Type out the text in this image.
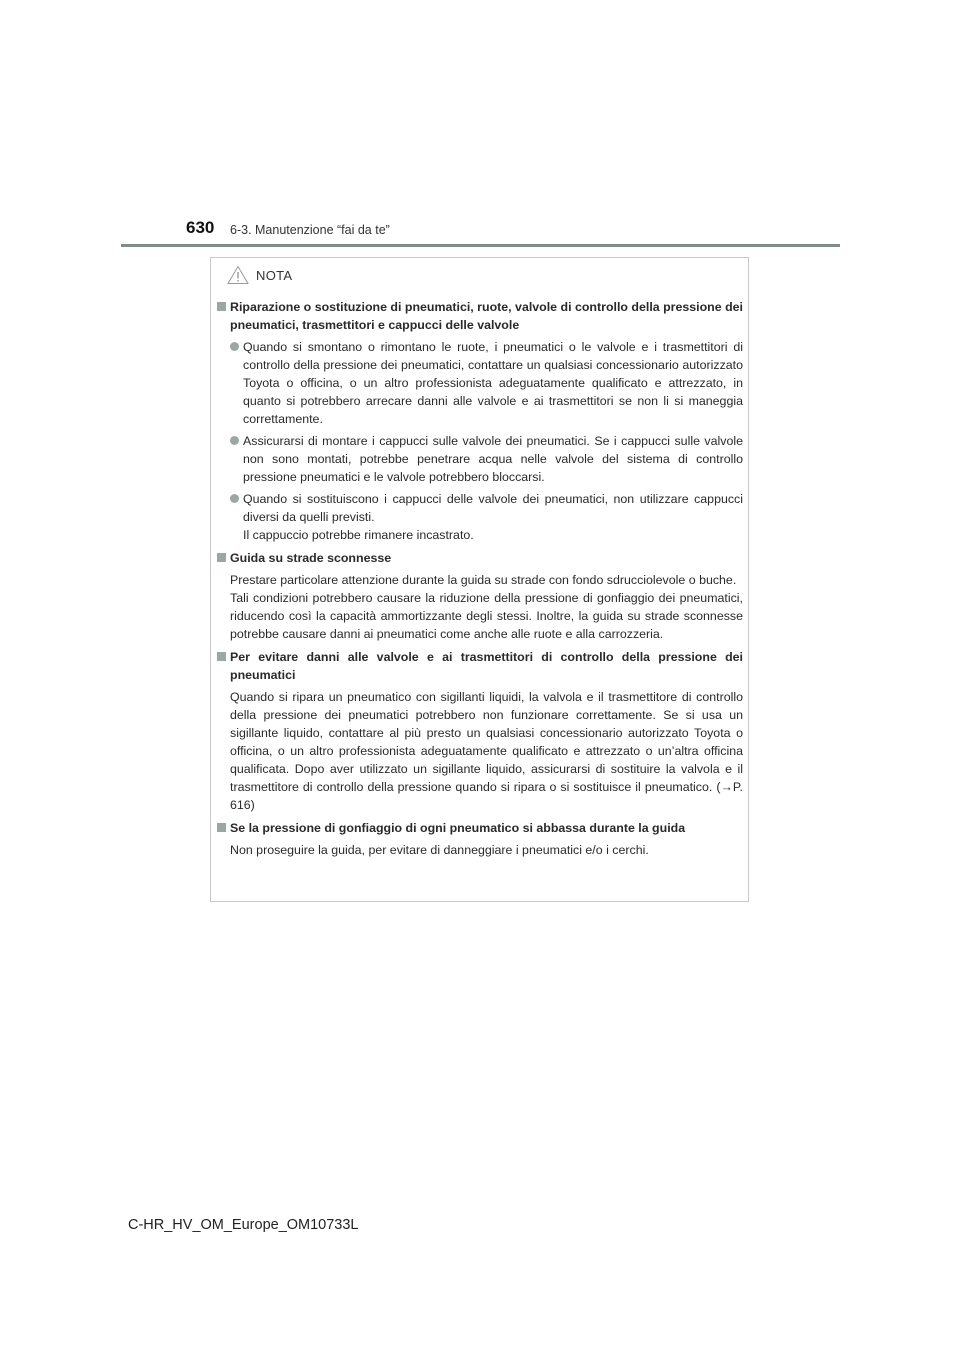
630 6-3. Manutenzione “fai da te”
NOTA
Riparazione o sostituzione di pneumatici, ruote, valvole di controllo della pressione dei pneumatici, trasmettitori e cappucci delle valvole
Quando si smontano o rimontano le ruote, i pneumatici o le valvole e i trasmettitori di controllo della pressione dei pneumatici, contattare un qualsiasi concessionario autorizzato Toyota o officina, o un altro professionista adeguatamente qualificato e attrezzato, in quanto si potrebbero arrecare danni alle valvole e ai trasmettitori se non li si maneggia correttamente.
Assicurarsi di montare i cappucci sulle valvole dei pneumatici. Se i cappucci sulle valvole non sono montati, potrebbe penetrare acqua nelle valvole del sistema di controllo pressione pneumatici e le valvole potrebbero bloccarsi.
Quando si sostituiscono i cappucci delle valvole dei pneumatici, non utilizzare cappucci diversi da quelli previsti.
Il cappuccio potrebbe rimanere incastrato.
Guida su strade sconnesse
Prestare particolare attenzione durante la guida su strade con fondo sdrucciolevole o buche.
Tali condizioni potrebbero causare la riduzione della pressione di gonfiaggio dei pneumatici, riducendo così la capacità ammortizzante degli stessi. Inoltre, la guida su strade sconnesse potrebbe causare danni ai pneumatici come anche alle ruote e alla carrozzeria.
Per evitare danni alle valvole e ai trasmettitori di controllo della pressione dei pneumatici
Quando si ripara un pneumatico con sigillanti liquidi, la valvola e il trasmettitore di controllo della pressione dei pneumatici potrebbero non funzionare correttamente. Se si usa un sigillante liquido, contattare al più presto un qualsiasi concessionario autorizzato Toyota o officina, o un altro professionista adeguatamente qualificato e attrezzato o un’altra officina qualificata. Dopo aver utilizzato un sigillante liquido, assicurarsi di sostituire la valvola e il trasmettitore di controllo della pressione quando si ripara o si sostituisce il pneumatico. (→P. 616)
Se la pressione di gonfiaggio di ogni pneumatico si abbassa durante la guida
Non proseguire la guida, per evitare di danneggiare i pneumatici e/o i cerchi.
C-HR_HV_OM_Europe_OM10733L
